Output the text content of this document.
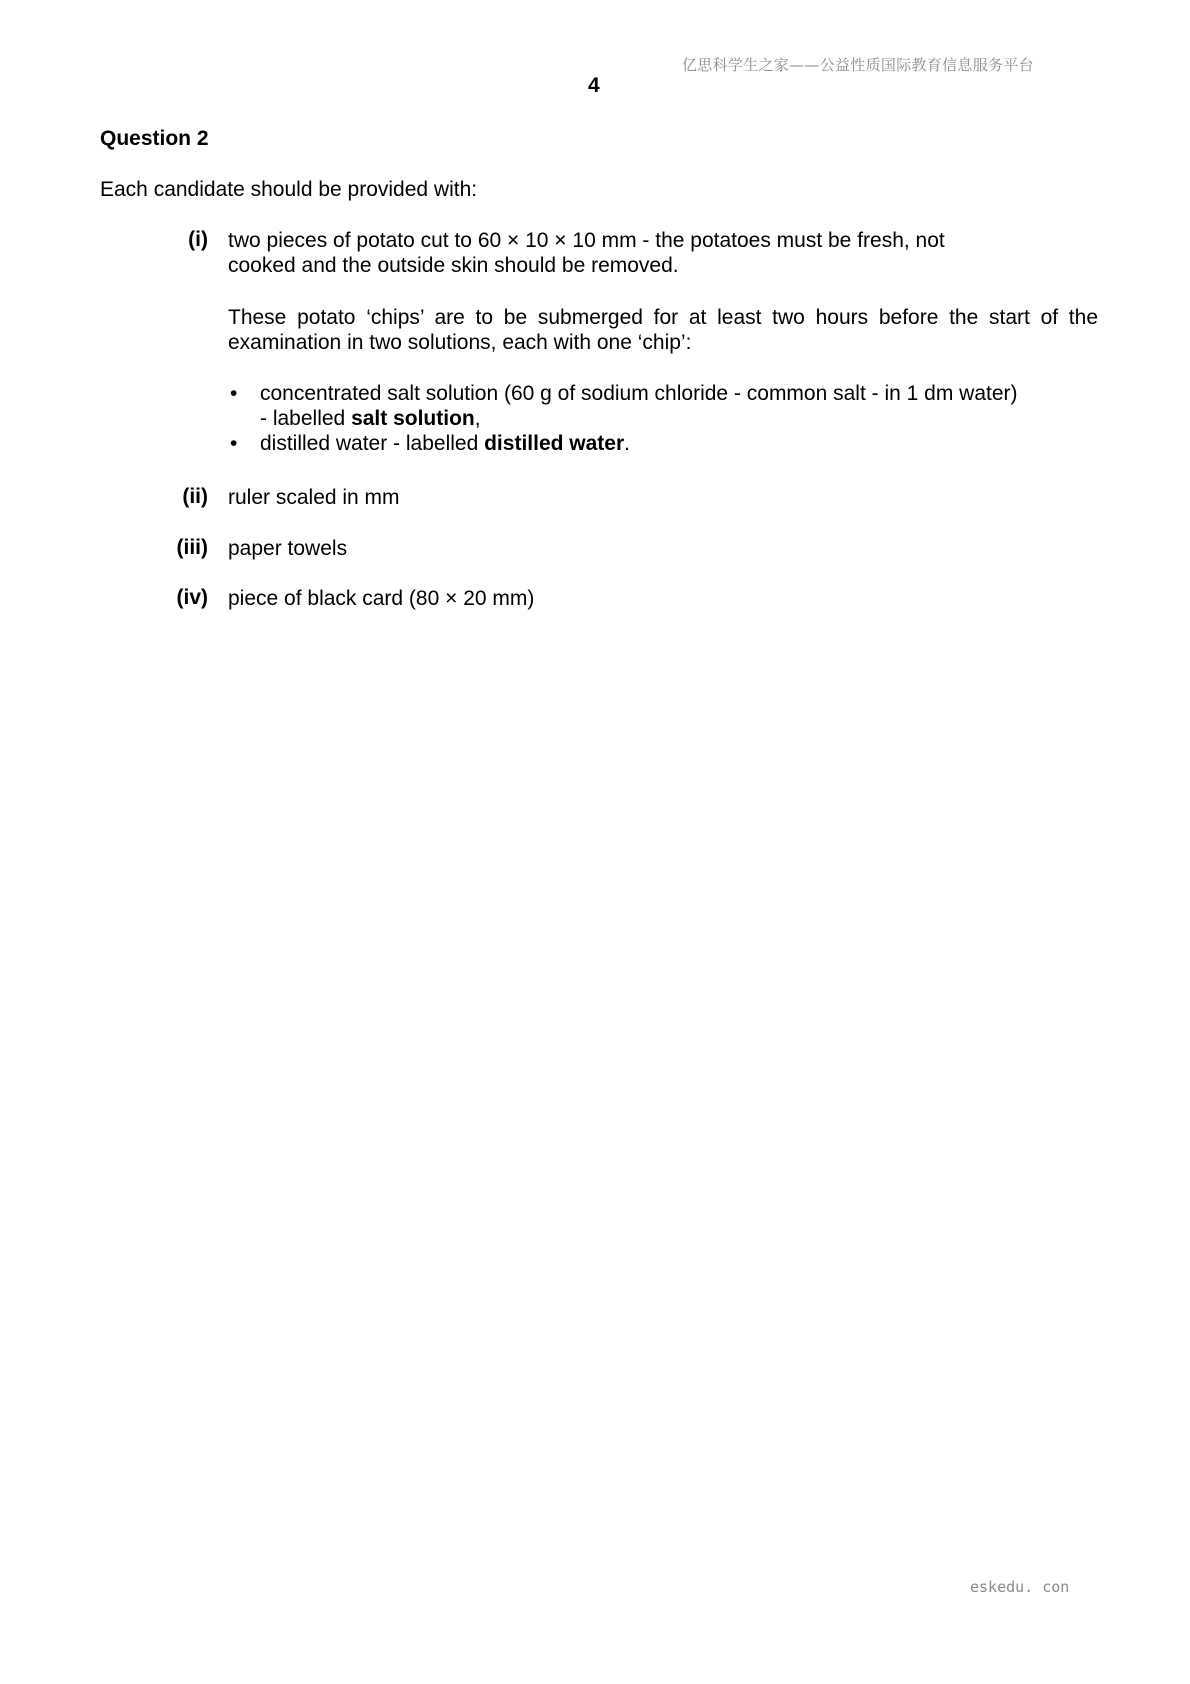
亿思科学生之家——公益性质国际教育信息服务平台
4
Question 2
Each candidate should be provided with:
(i) two pieces of potato cut to 60 × 10 × 10 mm - the potatoes must be fresh, not
cooked and the outside skin should be removed.
These potato ‘chips’ are to be submerged for at least two hours before the start of the
examination in two solutions, each with one ‘chip’:
• concentrated salt solution (60 g of sodium chloride - common salt - in 1 dm water)
- labelled salt solution,
• distilled water - labelled distilled water.
(ii) ruler scaled in mm
(iii) paper towels
(iv) piece of black card (80 × 20 mm)
eskedu. con
